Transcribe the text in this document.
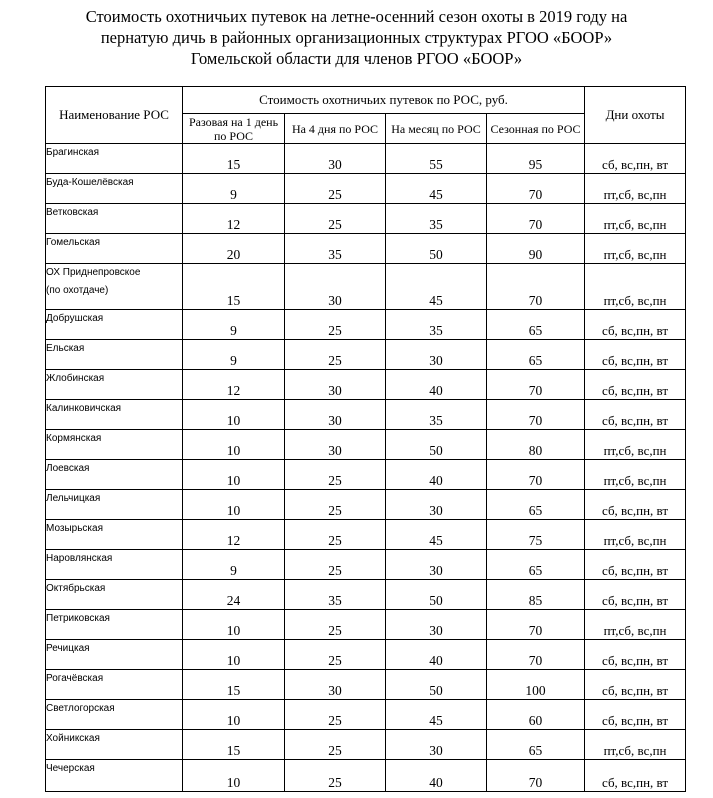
Стоимость охотничьих путевок на летне-осенний сезон охоты в 2019 году на
пернатую дичь в районных организационных структурах РГОО «БООР»
Гомельской области для членов РГОО «БООР»
Наименование РОС	Стоимость охотничьих путевок по РОС, руб.				Дни охоты
	Разовая на 1 день по РОС	На 4 дня по РОС	На месяц по РОС	Сезонная по РОС	
Брагинская	15	30	55	95	сб, вс,пн, вт
Буда-Кошелёвская	9	25	45	70	пт,сб, вс,пн
Ветковская	12	25	35	70	пт,сб, вс,пн
Гомельская	20	35	50	90	пт,сб, вс,пн

ОХ Приднепровское
(по охотдаче)	15	30	45	70	пт,сб, вс,пн
Добрушская	9	25	35	65	сб, вс,пн, вт
Ельская	9	25	30	65	сб, вс,пн, вт
Жлобинская	12	30	40	70	сб, вс,пн, вт
Калинковичская	10	30	35	70	сб, вс,пн, вт
Кормянская	10	30	50	80	пт,сб, вс,пн
Лоевская	10	25	40	70	пт,сб, вс,пн
Лельчицкая	10	25	30	65	сб, вс,пн, вт
Мозырьская	12	25	45	75	пт,сб, вс,пн
Наровлянская	9	25	30	65	сб, вс,пн, вт
Октябрьская	24	35	50	85	сб, вс,пн, вт
Петриковская	10	25	30	70	пт,сб, вс,пн
Речицкая	10	25	40	70	сб, вс,пн, вт
Рогачёвская	15	30	50	100	сб, вс,пн, вт
Светлогорская	10	25	45	60	сб, вс,пн, вт
Хойникская	15	25	30	65	пт,сб, вс,пн
Чечерская	10	25	40	70	сб, вс,пн, вт
